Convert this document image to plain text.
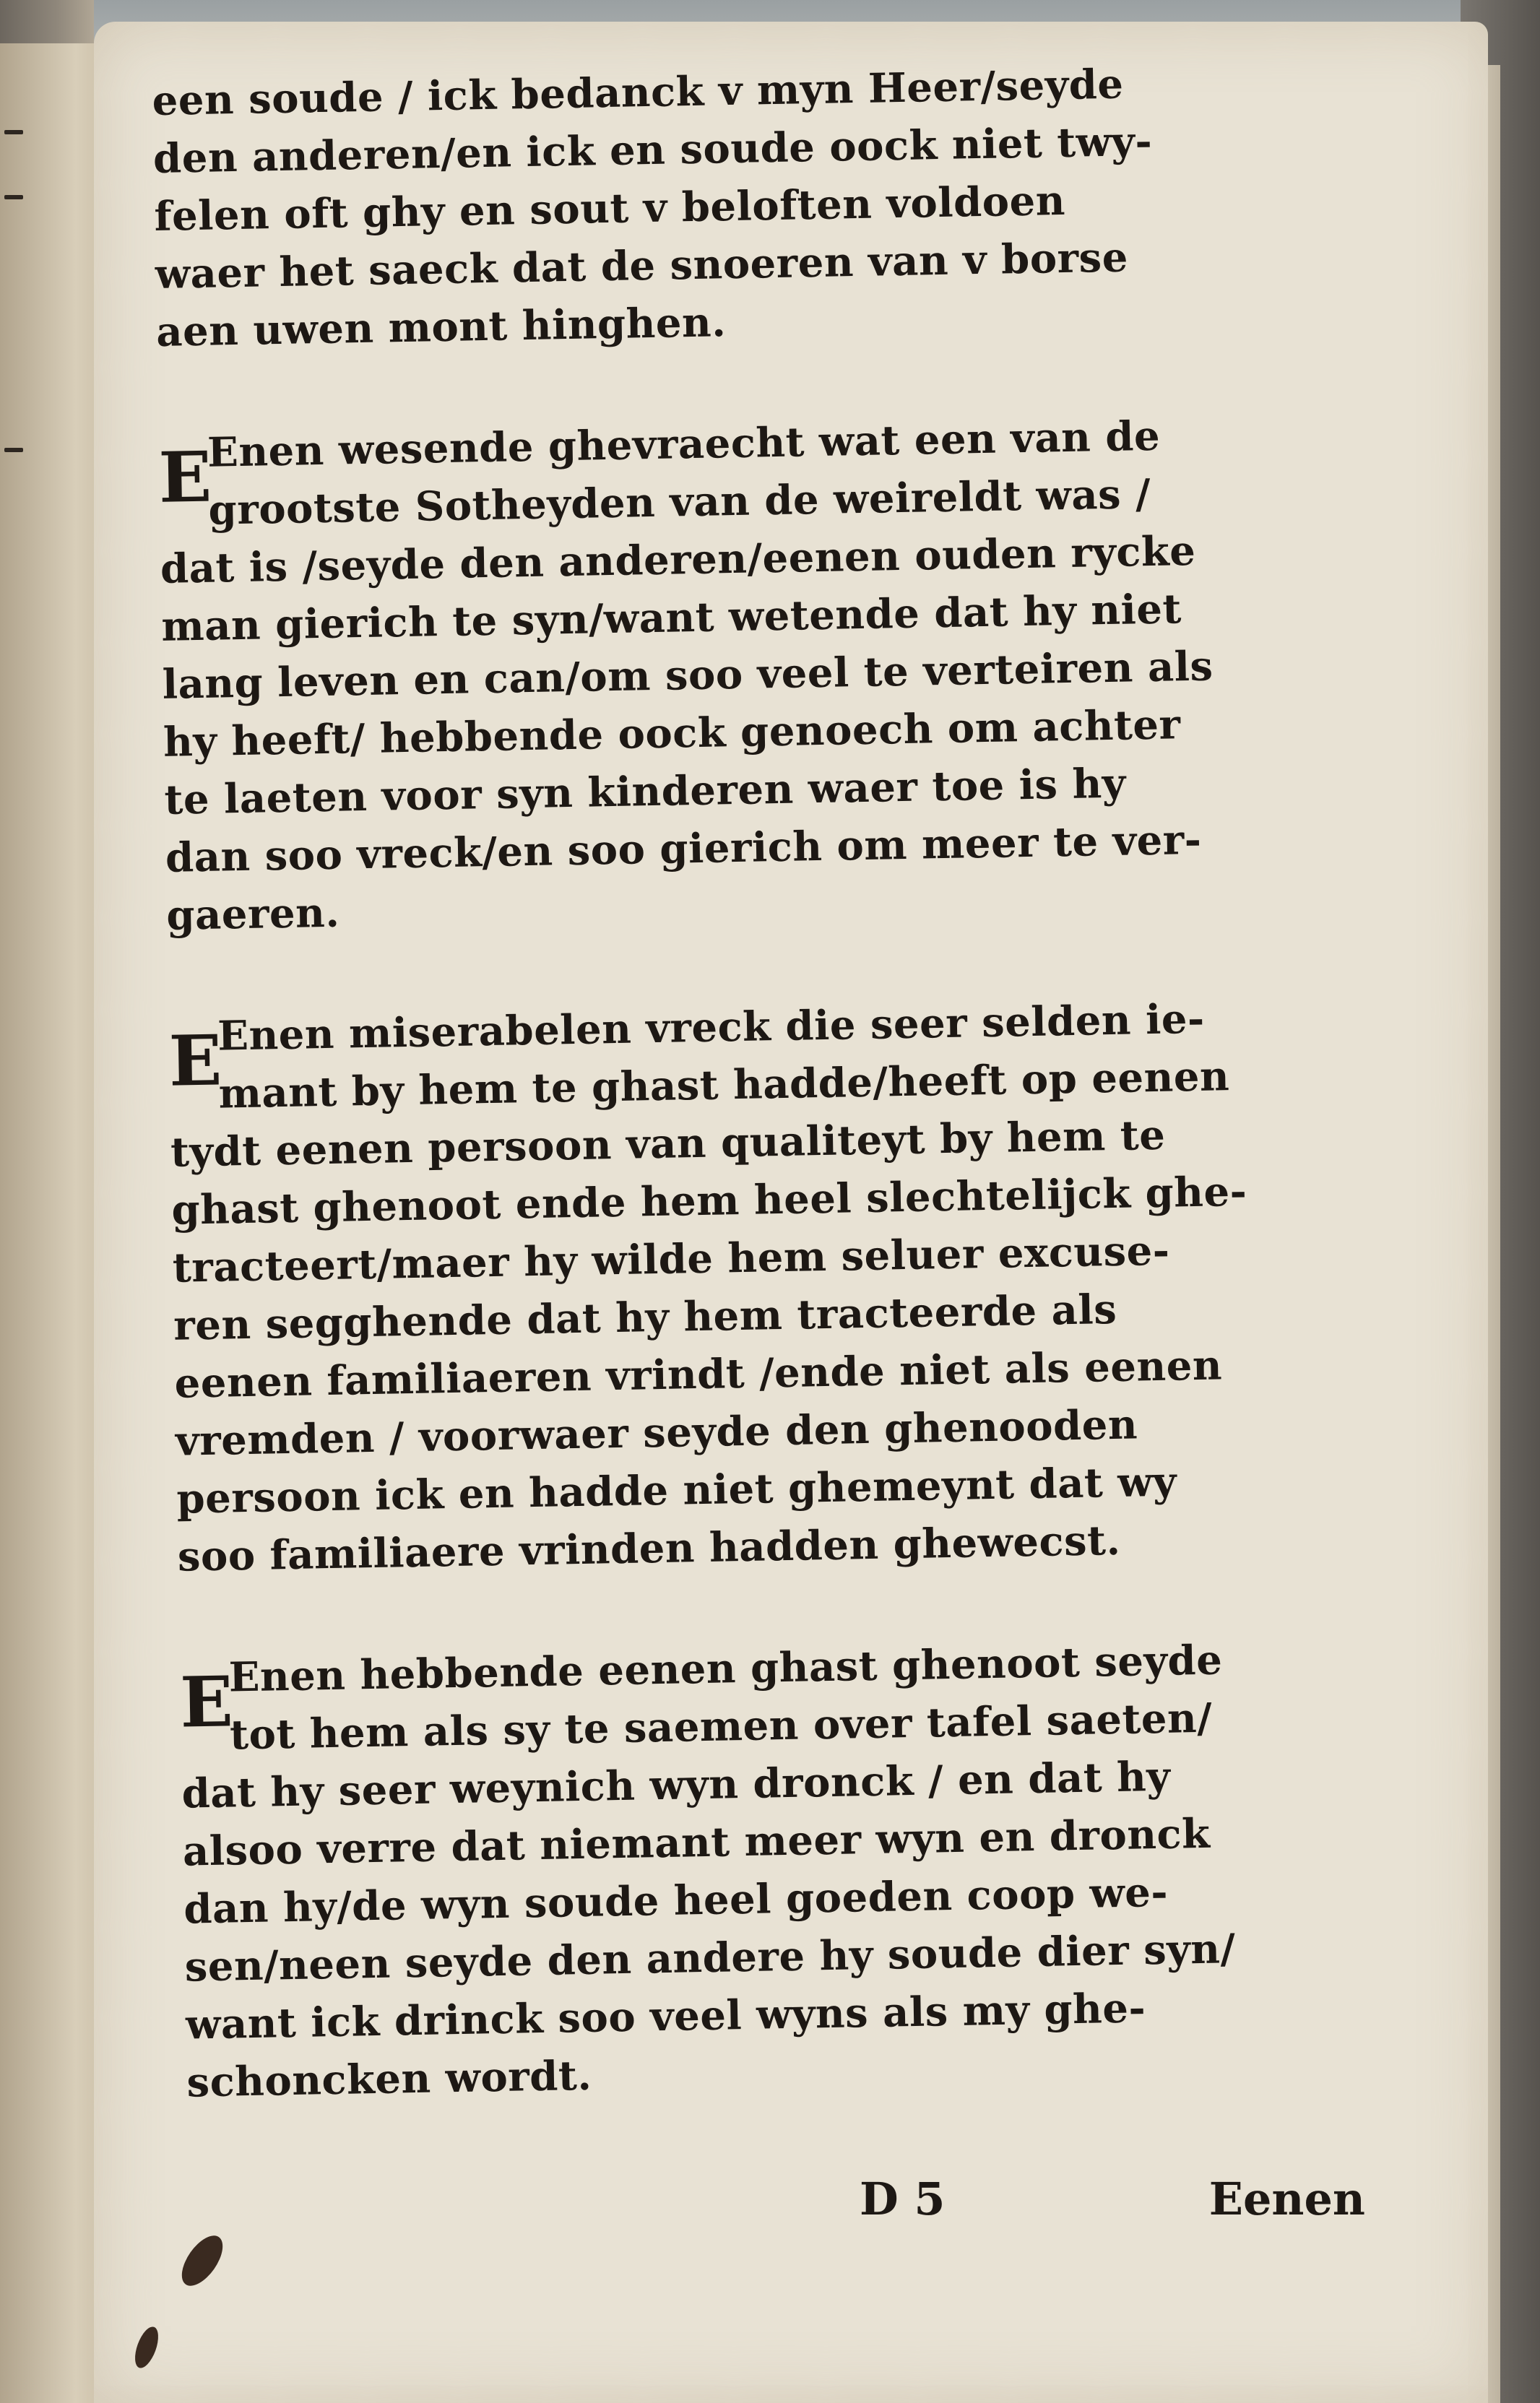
een soude / ick bedanck v myn Heer/seyde
den anderen/en ick en soude oock niet twy-
felen oft ghy en sout v beloften voldoen
waer het saeck dat de snoeren van v borse
aen uwen mont hinghen.
E
Enen wesende ghevraecht wat een van de
grootste Sotheyden van de weireldt was /
dat is /seyde den anderen/eenen ouden rycke
man gierich te syn/want wetende dat hy niet
lang leven en can/om soo veel te verteiren als
hy heeft/ hebbende oock genoech om achter
te laeten voor syn kinderen waer toe is hy
dan soo vreck/en soo gierich om meer te ver-
gaeren.
E
Enen miserabelen vreck die seer selden ie-
mant by hem te ghast hadde/heeft op eenen
tydt eenen persoon van qualiteyt by hem te
ghast ghenoot ende hem heel slechtelijck ghe-
tracteert/maer hy wilde hem seluer excuse-
ren segghende dat hy hem tracteerde als
eenen familiaeren vrindt /ende niet als eenen
vremden / voorwaer seyde den ghenooden
persoon ick en hadde niet ghemeynt dat wy
soo familiaere vrinden hadden ghewecst.
E
Enen hebbende eenen ghast ghenoot seyde
tot hem als sy te saemen over tafel saeten/
dat hy seer weynich wyn dronck / en dat hy
alsoo verre dat niemant meer wyn en dronck
dan hy/de wyn soude heel goeden coop we-
sen/neen seyde den andere hy soude dier syn/
want ick drinck soo veel wyns als my ghe-
schoncken wordt.
D 5	Eenen
